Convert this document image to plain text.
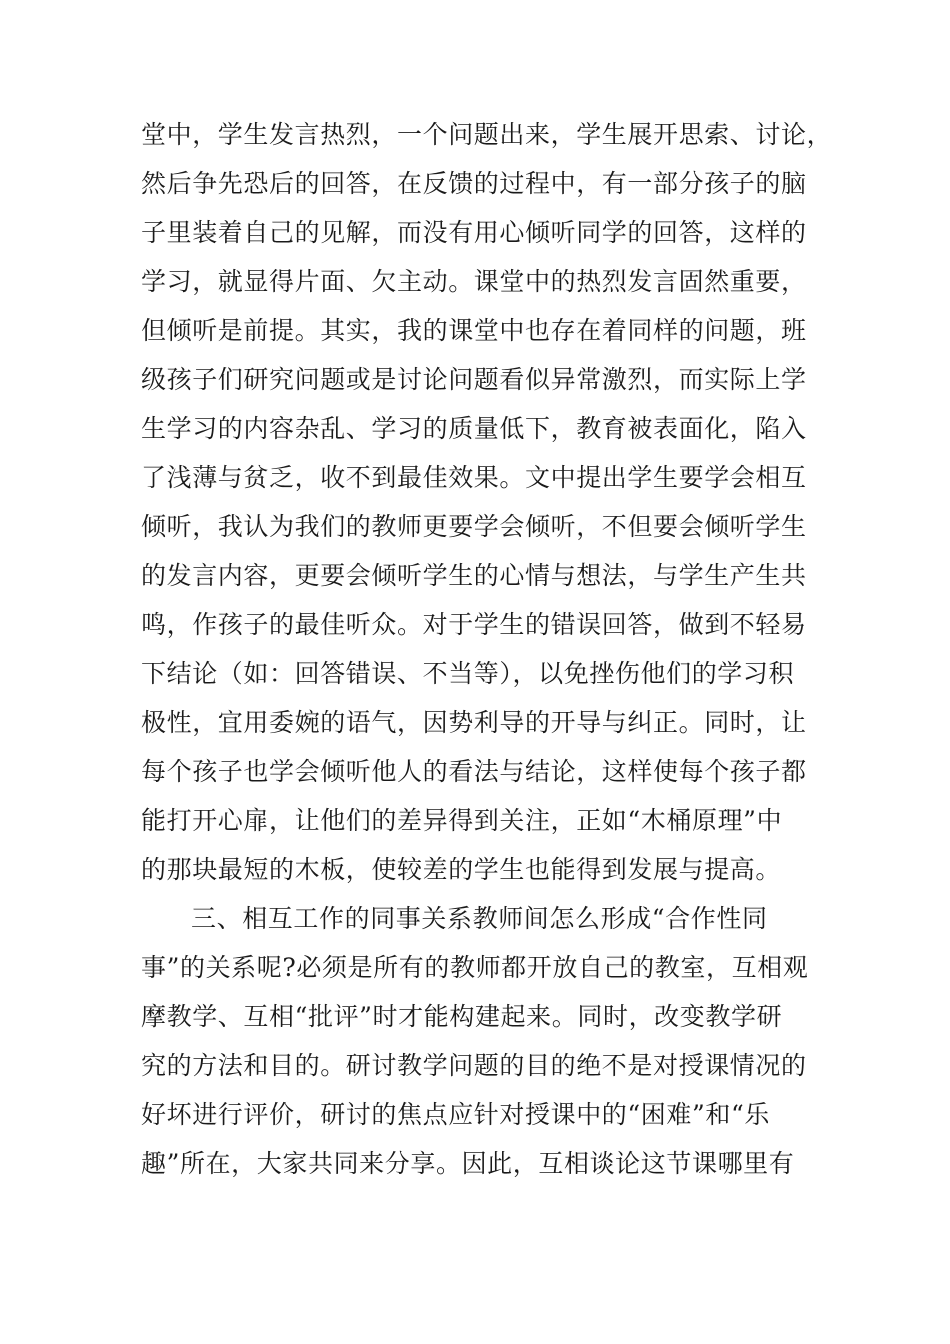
堂中，学生发言热烈，一个问题出来，学生展开思索、讨论，
然后争先恐后的回答，在反馈的过程中，有一部分孩子的脑
子里装着自己的见解，而没有用心倾听同学的回答，这样的
学习，就显得片面、欠主动。课堂中的热烈发言固然重要，
但倾听是前提。其实，我的课堂中也存在着同样的问题，班
级孩子们研究问题或是讨论问题看似异常激烈，而实际上学
生学习的内容杂乱、学习的质量低下，教育被表面化，陷入
了浅薄与贫乏，收不到最佳效果。文中提出学生要学会相互
倾听，我认为我们的教师更要学会倾听，不但要会倾听学生
的发言内容，更要会倾听学生的心情与想法，与学生产生共
鸣，作孩子的最佳听众。对于学生的错误回答，做到不轻易
下结论（如：回答错误、不当等），以免挫伤他们的学习积
极性，宜用委婉的语气，因势利导的开导与纠正。同时，让
每个孩子也学会倾听他人的看法与结论，这样使每个孩子都
能打开心扉，让他们的差异得到关注，正如“木桶原理”中
的那块最短的木板，使较差的学生也能得到发展与提高。
三、相互工作的同事关系教师间怎么形成“合作性同
事”的关系呢?必须是所有的教师都开放自己的教室，互相观
摩教学、互相“批评”时才能构建起来。同时，改变教学研
究的方法和目的。研讨教学问题的目的绝不是对授课情况的
好坏进行评价，研讨的焦点应针对授课中的“困难”和“乐
趣”所在，大家共同来分享。因此，互相谈论这节课哪里有
